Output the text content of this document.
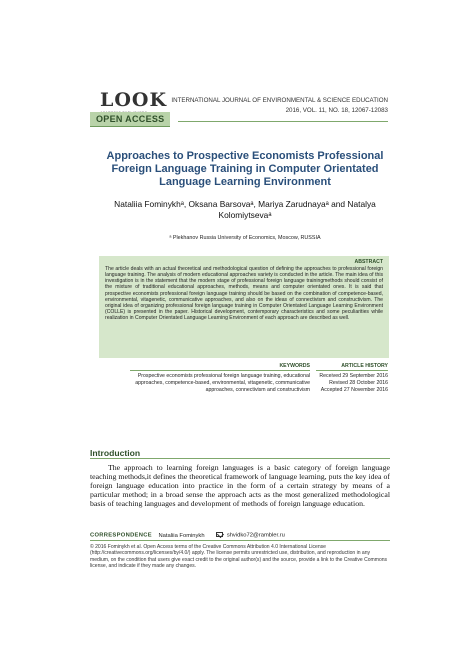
LOOK
OPEN ACCESS
INTERNATIONAL JOURNAL OF ENVIRONMENTAL & SCIENCE EDUCATION
2016, VOL. 11, NO. 18, 12067-12083
Approaches to Prospective Economists Professional Foreign Language Training in Computer Orientated Language Learning Environment
Nataliia Fominykhᵃ, Oksana Barsovaᵃ, Mariya Zarudnayaᵃ and Natalya
Kolomiytsevaᵃ
ᵃ Plekhanov Russia University of Economics, Moscow, RUSSIA
ABSTRACT
The article deals with an actual theoretical and methodological question of defining the approaches to professional foreign language training. The analysis of modern educational approaches variety is conducted in the article. The main idea of this investigation is in the statement that the modern stage of professional foreign language trainingmethods should consist of the mixture of traditional educational approaches, methods, means and computer orientated ones. It is said that prospective economists professional foreign language training should be based on the combination of competence-based, environmental, vitagenetic, communicative approaches, and also on the ideas of connectivism and constructivism. The original idea of organizing professional foreign language training in Computer Orientated Language Learning Environment (COLLE) is presented in the paper. Historical development, contemporary characteristics and some peculiarities while realization in Computer Orientated Language Learning Environment of each approach are described as well.
KEYWORDS
Prospective economists professional foreign language training, educational approaches, competence-based, environmental, vitagenetic, communicative approaches, connectivism and constructivism
ARTICLE HISTORY
Received 29 September 2016
Revised 28 October 2016
Accepted 27 November 2016
Introduction
The approach to learning foreign languages is a basic category of foreign language teaching methods,it defines the theoretical framework of language learning, puts the key idea of foreign language education into practice in the form of a certain strategy by means of a particular method; in a broad sense the approach acts as the most generalized methodological basis of teaching languages and development of methods of foreign language education.
CORRESPONDENCE Nataliia Fominykh	shvidko72@rambler.ru
© 2016 Fominykh et al. Open Access terms of the Creative Commons Attribution 4.0 International License (http://creativecommons.org/licenses/by/4.0/) apply. The license permits unrestricted use, distribution, and reproduction in any medium, on the condition that users give exact credit to the original author(s) and the source, provide a link to the Creative Commons license, and indicate if they made any changes.
